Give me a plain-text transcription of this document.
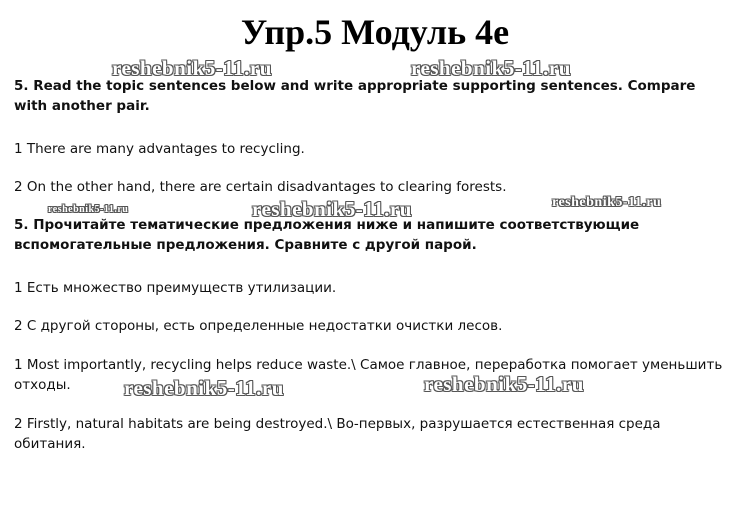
Упр.5 Модуль 4е
5. Read the topic sentences below and write appropriate supporting sentences. Compare with another pair.
1 There are many advantages to recycling.
2 On the other hand, there are certain disadvantages to clearing forests.
5. Прочитайте тематические предложения ниже и напишите соответствующие вспомогательные предложения. Сравните с другой парой.
1 Есть множество преимуществ утилизации.
2 С другой стороны, есть определенные недостатки очистки лесов.
1 Most importantly, recycling helps reduce waste.\ Самое главное, переработка помогает уменьшить отходы.
2 Firstly, natural habitats are being destroyed.\ Во-первых, разрушается естественная среда обитания.
reshebnik5-11.ru	reshebnik5-11.ru
reshebnik5-11.ru	reshebnik5-11.ru	reshebnik5-11.ru
reshebnik5-11.ru	reshebnik5-11.ru
